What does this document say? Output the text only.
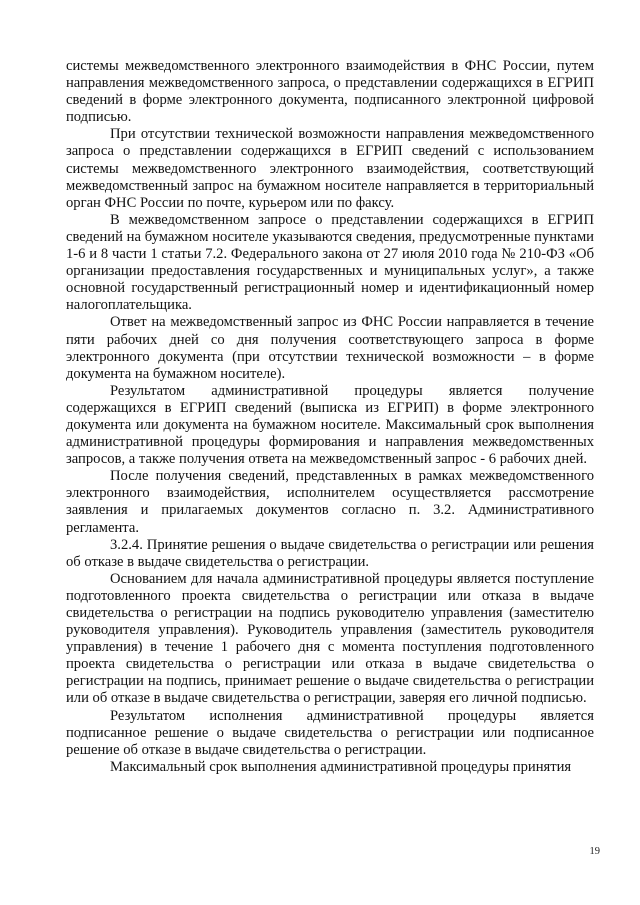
системы межведомственного электронного взаимодействия в ФНС России, путем направления межведомственного запроса, о представлении содержащихся в ЕГРИП сведений в форме электронного документа, подписанного электронной цифровой подписью.

При отсутствии технической возможности направления межведомственного запроса о представлении содержащихся в ЕГРИП сведений с использованием системы межведомственного электронного взаимодействия, соответствующий межведомственный запрос на бумажном носителе направляется в территориальный орган ФНС России по почте, курьером или по факсу.

В межведомственном запросе о представлении содержащихся в ЕГРИП сведений на бумажном носителе указываются сведения, предусмотренные пунктами 1-6 и 8 части 1 статьи 7.2. Федерального закона от 27 июля 2010 года № 210-ФЗ «Об организации предоставления государственных и муниципальных услуг», а также основной государственный регистрационный номер и идентификационный номер налогоплательщика.

Ответ на межведомственный запрос из ФНС России направляется в течение пяти рабочих дней со дня получения соответствующего запроса в форме электронного документа (при отсутствии технической возможности – в форме документа на бумажном носителе).

Результатом административной процедуры является получение содержащихся в ЕГРИП сведений (выписка из ЕГРИП) в форме электронного документа или документа на бумажном носителе. Максимальный срок выполнения административной процедуры формирования и направления межведомственных запросов, а также получения ответа на межведомственный запрос - 6 рабочих дней.

После получения сведений, представленных в рамках межведомственного электронного взаимодействия, исполнителем осуществляется рассмотрение заявления и прилагаемых документов согласно п. 3.2. Административного регламента.

3.2.4. Принятие решения о выдаче свидетельства о регистрации или решения об отказе в выдаче свидетельства о регистрации.

Основанием для начала административной процедуры является поступление подготовленного проекта свидетельства о регистрации или отказа в выдаче свидетельства о регистрации на подпись руководителю управления (заместителю руководителя управления). Руководитель управления (заместитель руководителя управления) в течение 1 рабочего дня с момента поступления подготовленного проекта свидетельства о регистрации или отказа в выдаче свидетельства о регистрации на подпись, принимает решение о выдаче свидетельства о регистрации или об отказе в выдаче свидетельства о регистрации, заверяя его личной подписью.

Результатом исполнения административной процедуры является подписанное решение о выдаче свидетельства о регистрации или подписанное решение об отказе в выдаче свидетельства о регистрации.

Максимальный срок выполнения административной процедуры принятия

19
